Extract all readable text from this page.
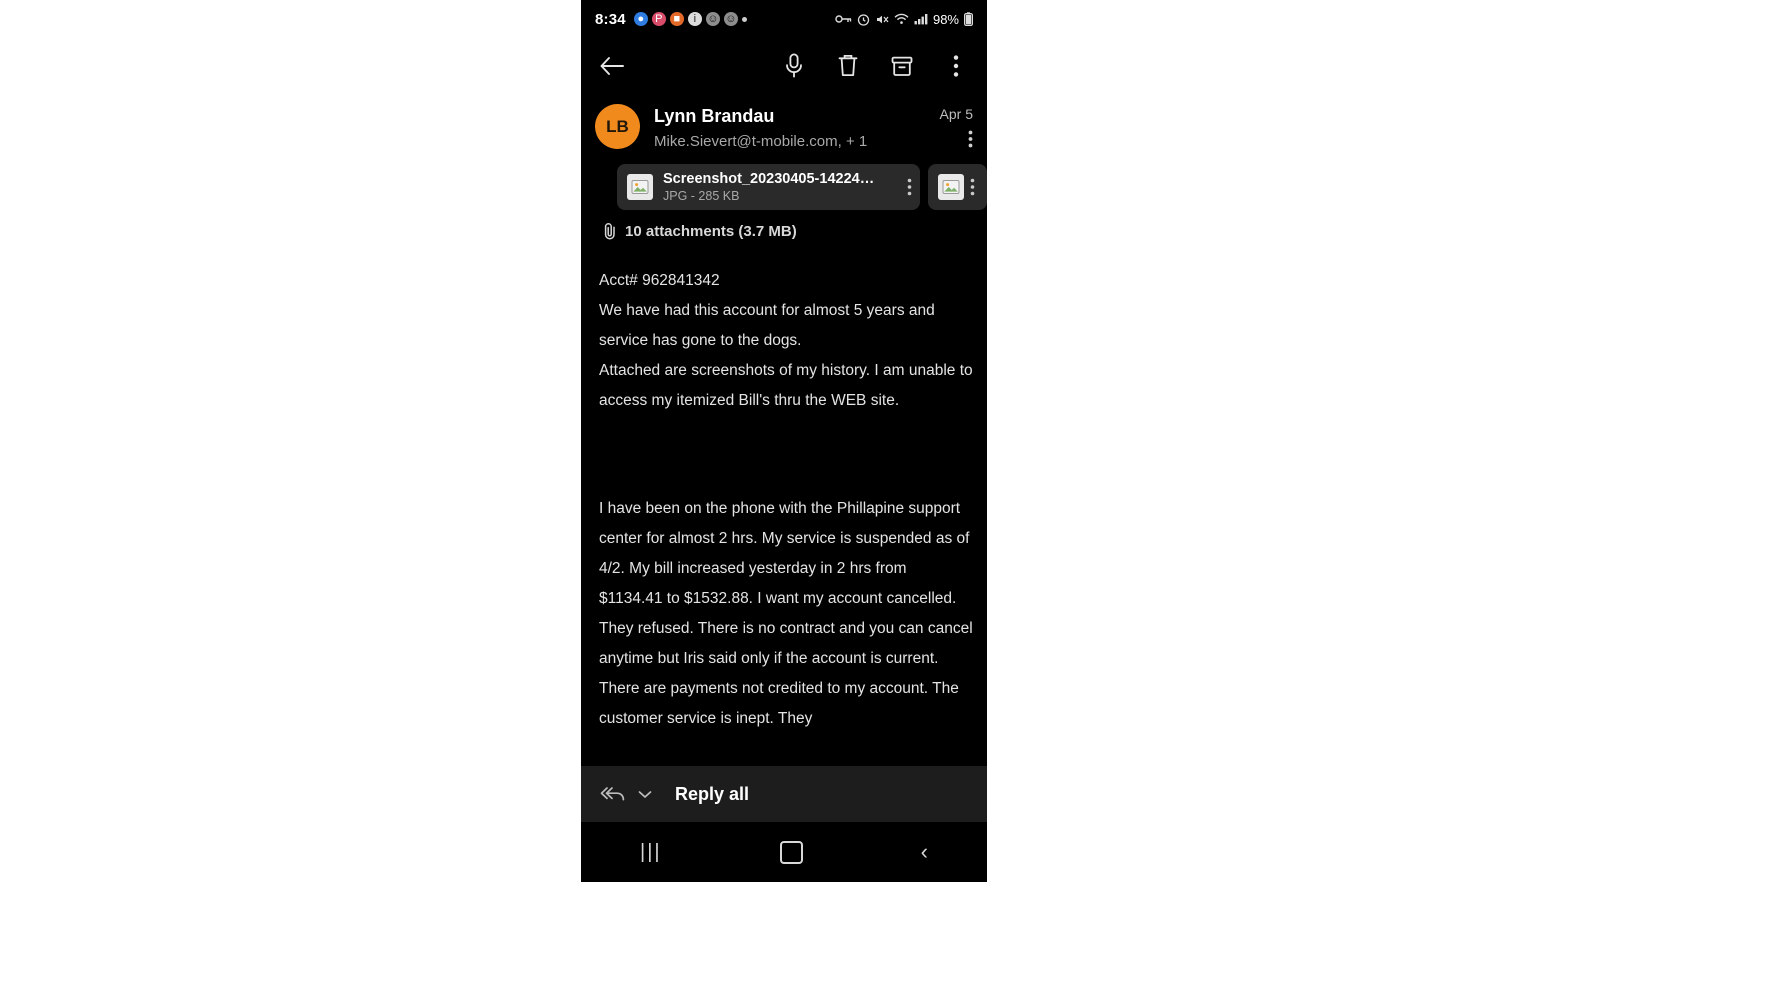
8:34	●	P	■	i	☺ ☺	98%
LB	Lynn Brandau
Mike.Sievert@t-mobile.com, + 1
Apr 5
Screenshot_20230405-14224…
JPG - 285 KB
10 attachments (3.7 MB)

Acct# 962841342

We have had this account for almost 5 years and service has gone to the dogs.

Attached are screenshots of my history. I am unable to access my itemized Bill's thru the WEB site.

I have been on the phone with the Phillapine support center for almost 2 hrs. My service is suspended as of 4/2. My bill increased yesterday in 2 hrs from $1134.41 to $1532.88. I want my account cancelled. They refused. There is no contract and you can cancel anytime but Iris said only if the account is current. There are payments not credited to my account. The customer service is inept. They

Reply all
|||	‹
